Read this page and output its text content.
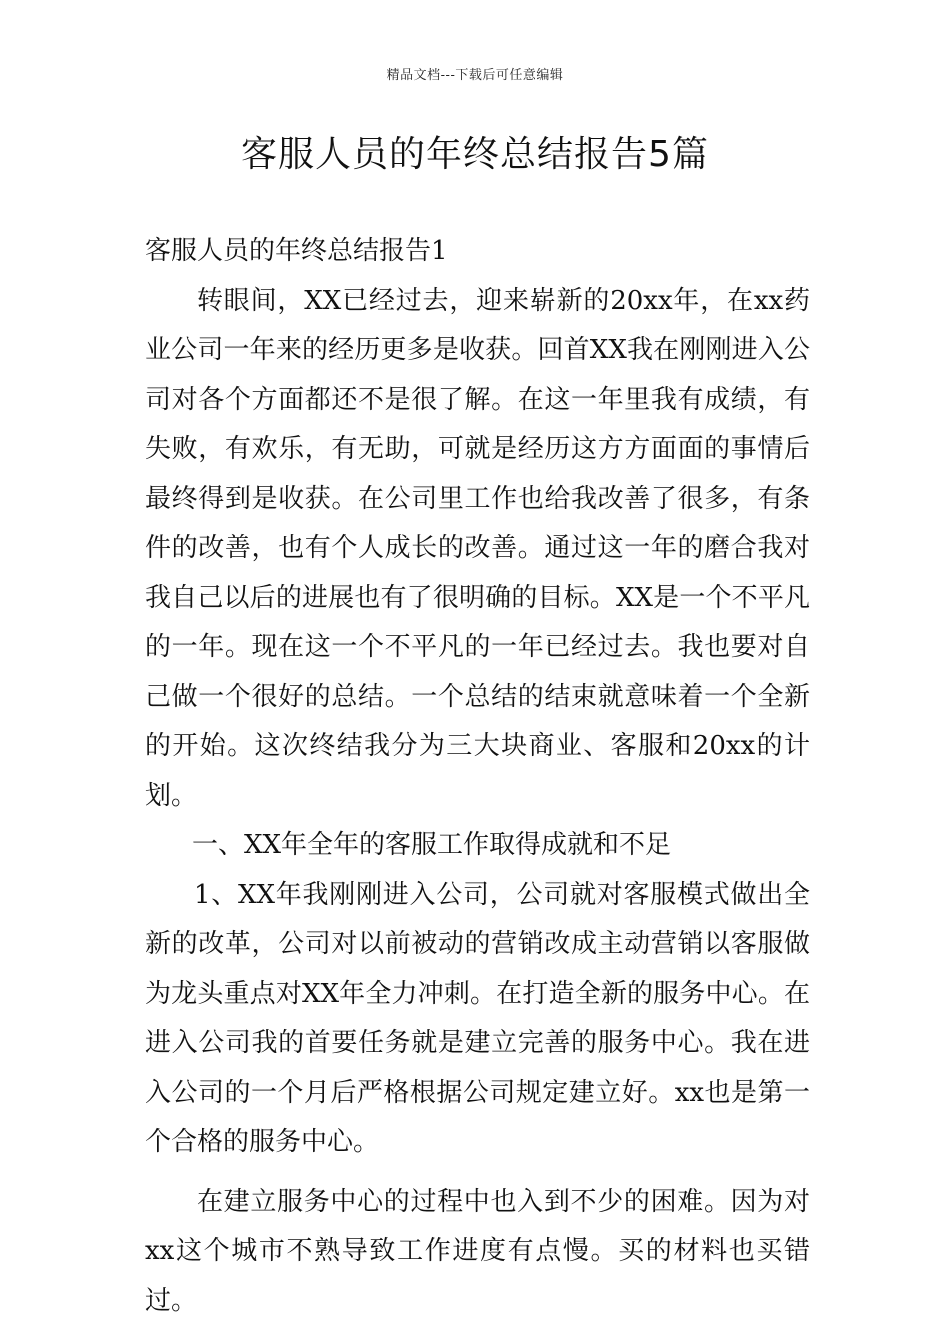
精品文档---下载后可任意编辑
客服人员的年终总结报告5篇

客服人员的年终总结报告1

转眼间，XX已经过去，迎来崭新的20xx年，在xx药业公司一年来的经历更多是收获。回首XX我在刚刚进入公司对各个方面都还不是很了解。在这一年里我有成绩，有失败，有欢乐，有无助，可就是经历这方方面面的事情后最终得到是收获。在公司里工作也给我改善了很多，有条件的改善，也有个人成长的改善。通过这一年的磨合我对我自己以后的进展也有了很明确的目标。XX是一个不平凡的一年。现在这一个不平凡的一年已经过去。我也要对自己做一个很好的总结。一个总结的结束就意味着一个全新的开始。这次终结我分为三大块商业、客服和20xx的计划。

一、XX年全年的客服工作取得成就和不足

1、XX年我刚刚进入公司，公司就对客服模式做出全新的改革，公司对以前被动的营销改成主动营销以客服做为龙头重点对XX年全力冲刺。在打造全新的服务中心。在进入公司我的首要任务就是建立完善的服务中心。我在进入公司的一个月后严格根据公司规定建立好。xx也是第一个合格的服务中心。

在建立服务中心的过程中也入到不少的困难。因为对xx这个城市不熟导致工作进度有点慢。买的材料也买错过。
